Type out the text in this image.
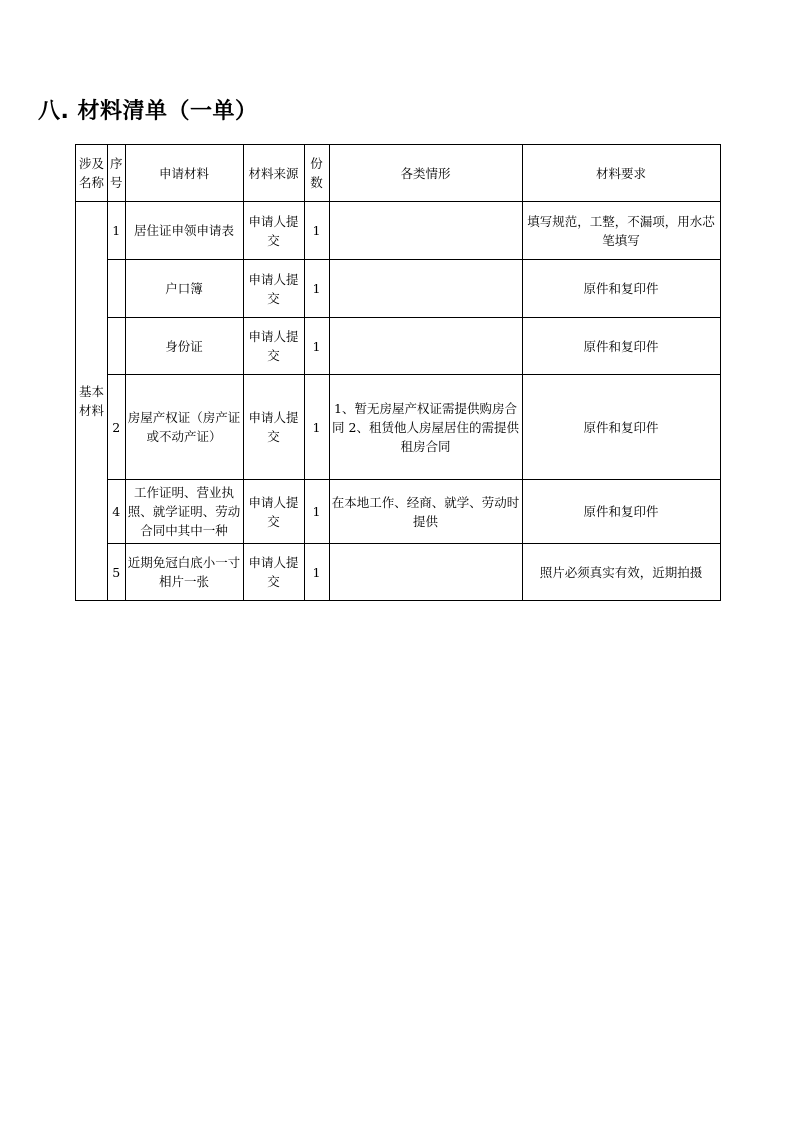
八. 材料清单（一单）
涉及名称	序号	申请材料	材料来源	份数	各类情形	材料要求
基本材料	1	居住证申领申请表	申请人提交	1		填写规范，工整，不漏项，用水芯笔填写
		户口簿	申请人提交	1		原件和复印件
		身份证	申请人提交	1		原件和复印件
	2	房屋产权证（房产证或不动产证）	申请人提交	1	1、暂无房屋产权证需提供购房合同 2、租赁他人房屋居住的需提供租房合同	原件和复印件
	4	工作证明、营业执照、就学证明、劳动合同中其中一种	申请人提交	1	在本地工作、经商、就学、劳动时提供	原件和复印件
	5	近期免冠白底小一寸相片一张	申请人提交	1		照片必须真实有效，近期拍摄
